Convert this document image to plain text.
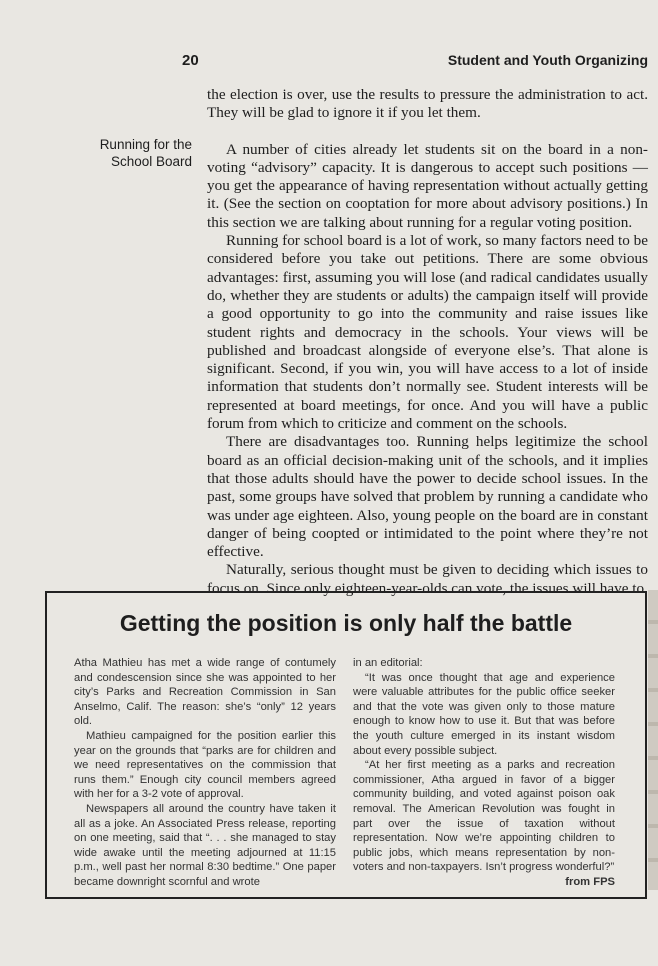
20	Student and Youth Organizing
Running for the
School Board

the election is over, use the results to pressure the administration to act. They will be glad to ignore it if you let them.

A number of cities already let students sit on the board in a non-voting “advisory” capacity. It is dangerous to accept such positions — you get the appearance of having representation without actually getting it. (See the section on cooptation for more about advisory positions.) In this section we are talking about running for a regular voting position.

Running for school board is a lot of work, so many factors need to be considered before you take out petitions. There are some obvious advantages: first, assuming you will lose (and radical candidates usually do, whether they are students or adults) the campaign itself will provide a good opportunity to go into the community and raise issues like student rights and democracy in the schools. Your views will be published and broadcast alongside of everyone else’s. That alone is significant. Second, if you win, you will have access to a lot of inside information that students don’t normally see. Student interests will be represented at board meetings, for once. And you will have a public forum from which to criticize and comment on the schools.

There are disadvantages too. Running helps legitimize the school board as an official decision-making unit of the schools, and it implies that those adults should have the power to decide school issues. In the past, some groups have solved that problem by running a candidate who was under age eighteen. Also, young people on the board are in constant danger of being coopted or intimidated to the point where they’re not effective.

Naturally, serious thought must be given to deciding which issues to focus on. Since only eighteen-year-olds can vote, the issues will have to

Getting the position is only half the battle

Atha Mathieu has met a wide range of contumely and condescension since she was appointed to her city’s Parks and Recreation Commission in San Anselmo, Calif. The reason: she’s “only” 12 years old.

Mathieu campaigned for the position earlier this year on the grounds that “parks are for children and we need representatives on the commission that runs them.” Enough city council members agreed with her for a 3-2 vote of approval.

Newspapers all around the country have taken it all as a joke. An Associated Press release, reporting on one meeting, said that “. . . she managed to stay wide awake until the meeting adjourned at 11:15 p.m., well past her normal 8:30 bedtime.” One paper became downright scornful and wrote

in an editorial:

“It was once thought that age and experience were valuable attributes for the public office seeker and that the vote was given only to those mature enough to know how to use it. But that was before the youth culture emerged in its instant wisdom about every possible subject.

“At her first meeting as a parks and recreation commissioner, Atha argued in favor of a bigger community building, and voted against poison oak removal. The American Revolution was fought in part over the issue of taxation without representation. Now we’re appointing children to public jobs, which means representation by non-voters and non-taxpayers. Isn’t progress wonderful?”

from FPS
